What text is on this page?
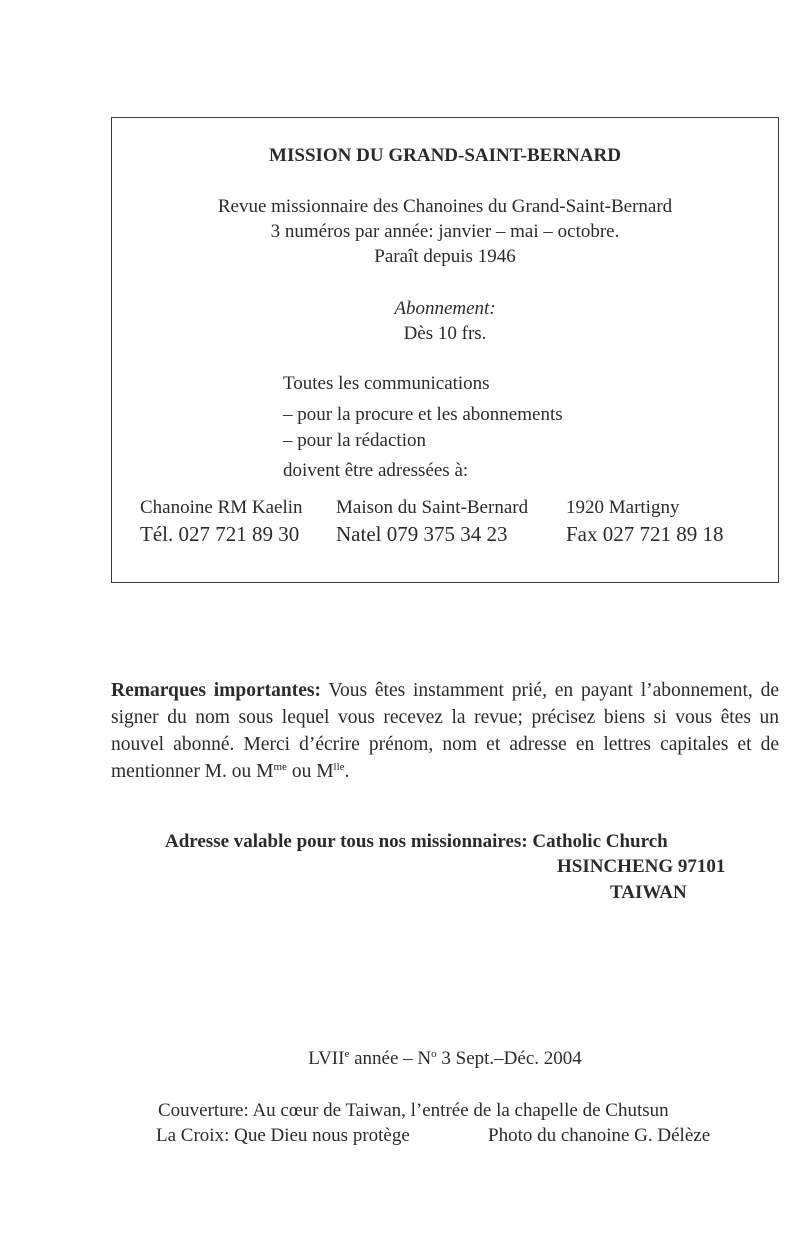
MISSION DU GRAND-SAINT-BERNARD
Revue missionnaire des Chanoines du Grand-Saint-Bernard
3 numéros par année: janvier – mai – octobre.
Paraît depuis 1946
Abonnement:
Dès 10 frs.
Toutes les communications
– pour la procure et les abonnements
– pour la rédaction
doivent être adressées à:
Chanoine RM Kaelin Maison du Saint-Bernard 1920 Martigny
Tél. 027 721 89 30 Natel 079 375 34 23	Fax 027 721 89 18
Remarques importantes: Vous êtes instamment prié, en payant l’abonnement, de signer du nom sous lequel vous recevez la revue; précisez biens si vous êtes un nouvel abonné. Merci d’écrire prénom, nom et adresse en lettres capitales et de mentionner M. ou $M^{me}$ ou $M^{lle}$.
Adresse valable pour tous nos missionnaires: Catholic Church
HSINCHENG 97101
TAIWAN
LVIIe année – $N^o$ 3 Sept.–Déc. 2004
Couverture: Au cœur de Taiwan, l’entrée de la chapelle de Chutsun
La Croix: Que Dieu nous protège	Photo du chanoine G. Délèze
